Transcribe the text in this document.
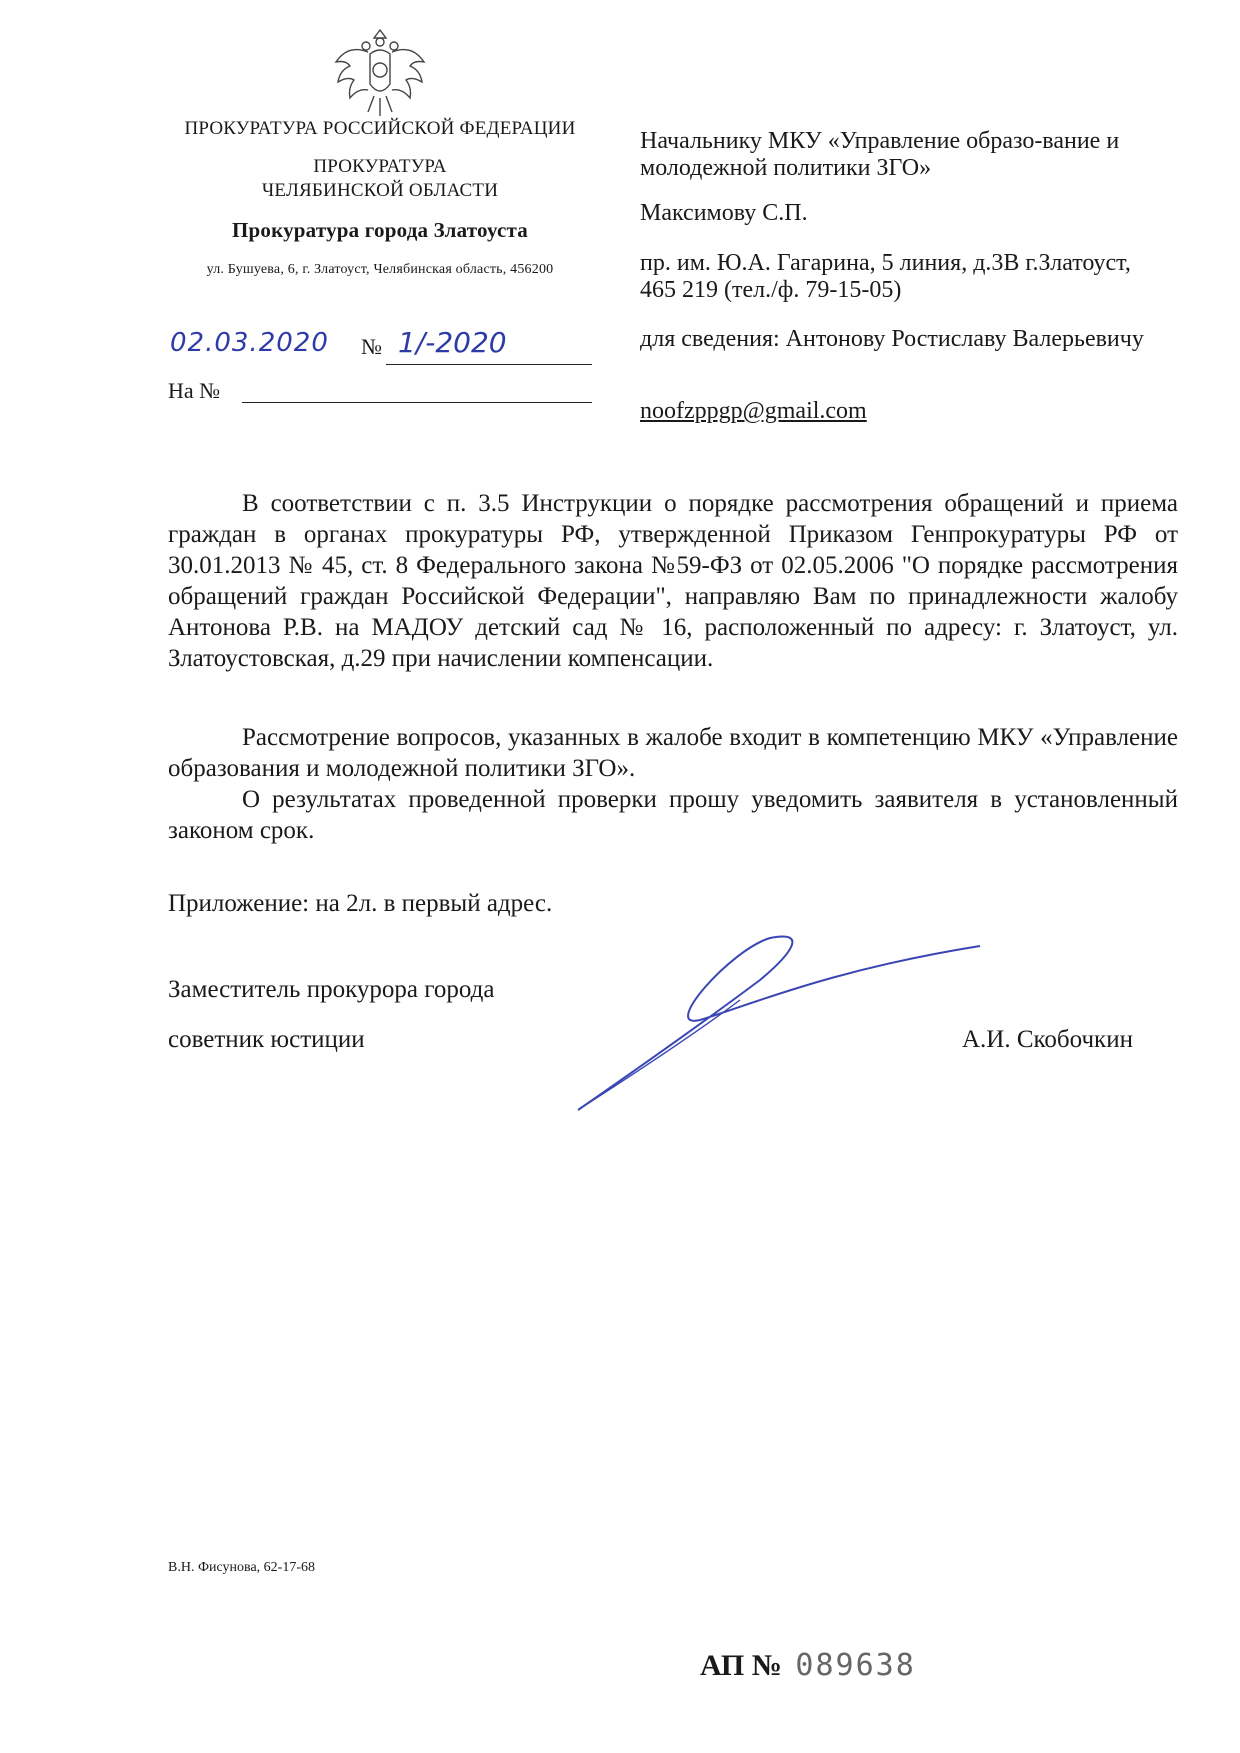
ПРОКУРАТУРА РОССИЙСКОЙ ФЕДЕРАЦИИ
ПРОКУРАТУРА
ЧЕЛЯБИНСКОЙ ОБЛАСТИ
Прокуратура города Златоуста
ул. Бушуева, 6, г. Златоуст, Челябинская область, 456200
02.03.2020 № 1/-2020
На №
Начальнику МКУ «Управление образо-вание и молодежной политики ЗГО»
Максимову С.П.
пр. им. Ю.А. Гагарина, 5 линия, д.3В г.Златоуст, 465 219 (тел./ф. 79-15-05)
для сведения: Антонову Ростиславу Валерьевичу
noofzppgp@gmail.com
В соответствии с п. 3.5 Инструкции о порядке рассмотрения обращений и приема граждан в органах прокуратуры РФ, утвержденной Приказом Генпрокуратуры РФ от 30.01.2013 № 45, ст. 8 Федерального закона №59-ФЗ от 02.05.2006 "О порядке рассмотрения обращений граждан Российской Федерации", направляю Вам по принадлежности жалобу Антонова Р.В. на МАДОУ детский сад № 16, расположенный по адресу: г. Златоуст, ул. Златоустовская, д.29 при начислении компенсации.
Рассмотрение вопросов, указанных в жалобе входит в компетенцию МКУ «Управление образования и молодежной политики ЗГО».
О результатах проведенной проверки прошу уведомить заявителя в установленный законом срок.
Приложение: на 2л. в первый адрес.
Заместитель прокурора города
советник юстиции	А.И. Скобочкин
В.Н. Фисунова, 62-17-68
АП № 089638
